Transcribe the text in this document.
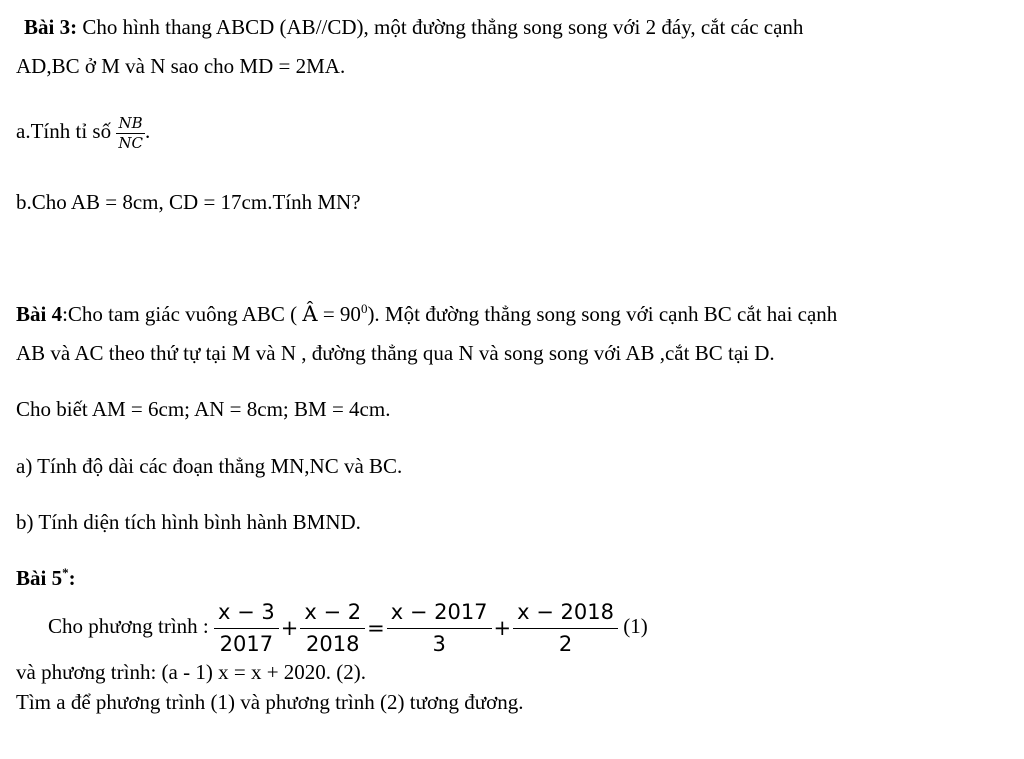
Bài 3: Cho hình thang ABCD (AB//CD), một đường thẳng song song với 2 đáy, cắt các cạnh
AD,BC ở M và N sao cho MD = 2MA.
a.Tính tỉ số $\frac{NB}{NC}$ .
b.Cho AB = 8cm, CD = 17cm.Tính MN?
Bài 4:Cho tam giác vuông ABC ( Â = $90^0$). Một đường thẳng song song với cạnh BC cắt hai cạnh
AB và AC theo thứ tự tại M và N , đường thẳng qua N và song song với AB ,cắt BC tại D.
Cho biết AM = 6cm; AN = 8cm; BM = 4cm.
a) Tính độ dài các đoạn thẳng MN,NC và BC.
b) Tính diện tích hình bình hành BMND.
Bài 5*:
Cho phương trình : $\frac{x - 3}{2017} + \frac{x - 2}{2018} = \frac{x - 2017}{3} + \frac{x - 2018}{2} (1)$
và phương trình: (a - 1) x = x + 2020. (2).
Tìm a để phương trình (1) và phương trình (2) tương đương.
